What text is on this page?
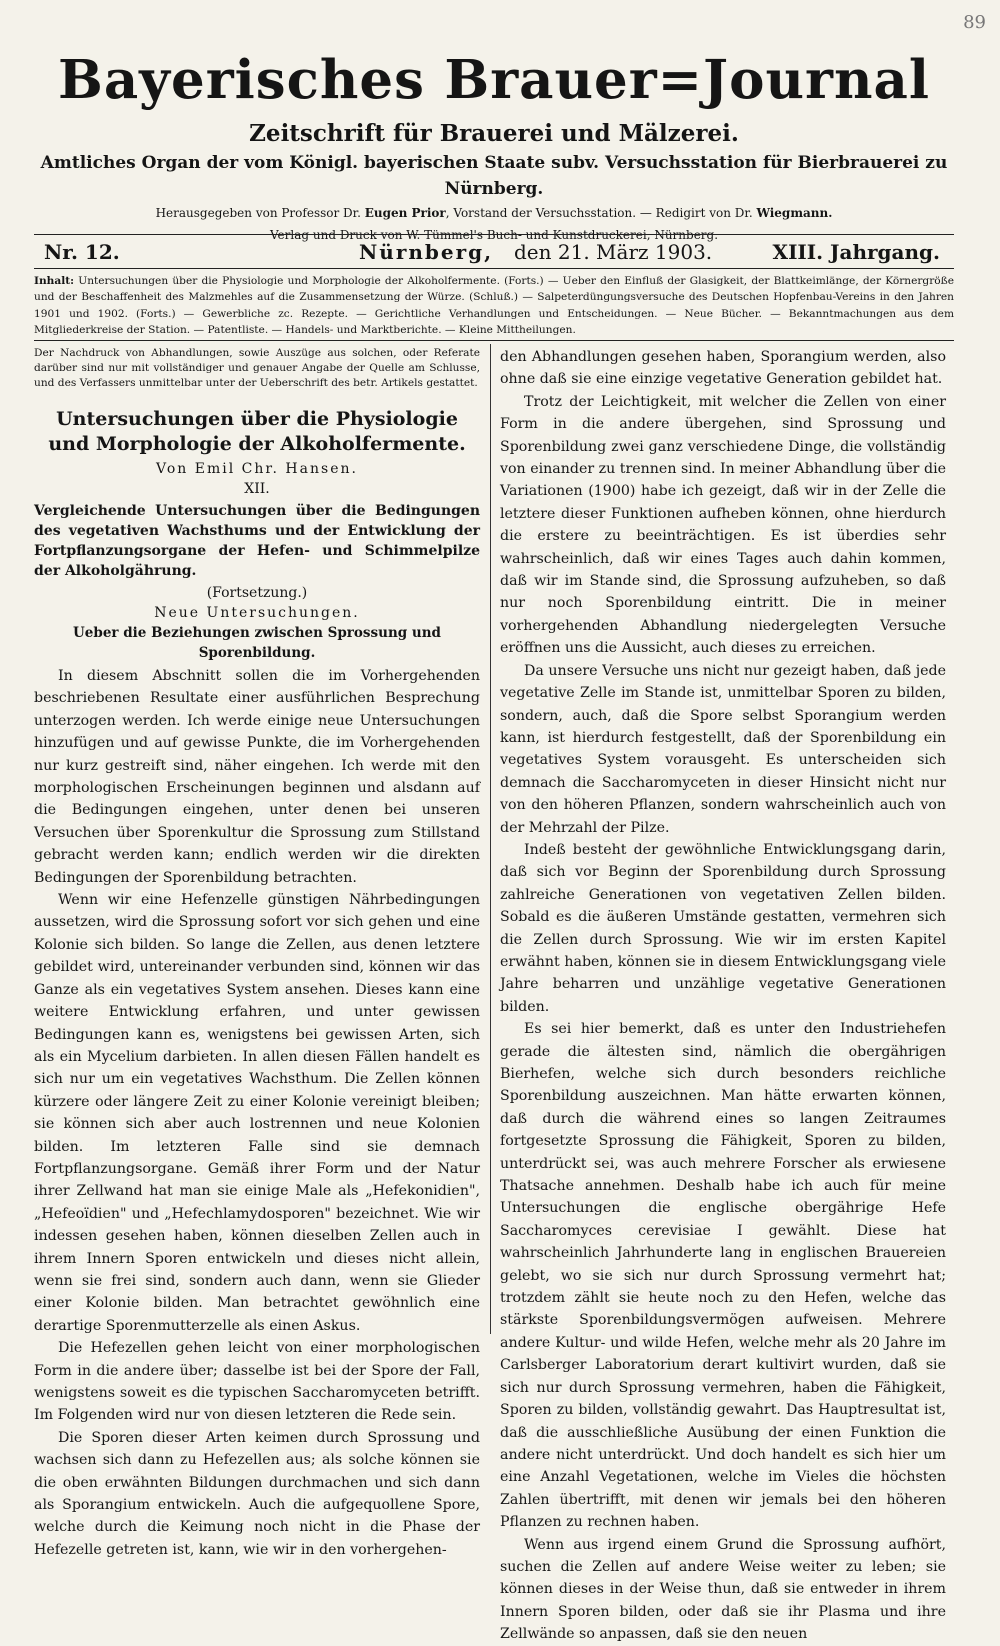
89
Bayerisches Brauer=Journal
Zeitschrift für Brauerei und Mälzerei.
Amtliches Organ der vom Königl. bayerischen Staate subv. Versuchsstation für Bierbrauerei zu Nürnberg.
Herausgegeben von Professor Dr. Eugen Prior, Vorstand der Versuchsstation. — Redigirt von Dr. Wiegmann.
Verlag und Druck von W. Tümmel's Buch- und Kunstdruckerei, Nürnberg.
Nr. 12.	Nürnberg, den 21. März 1903.	XIII. Jahrgang.
Inhalt: Untersuchungen über die Physiologie und Morphologie der Alkoholfermente. (Forts.) — Ueber den Einfluß der Glasigkeit, der Blattkeimlänge, der Körnergröße und der Beschaffenheit des Malzmehles auf die Zusammensetzung der Würze. (Schluß.) — Salpeterdüngungsversuche des Deutschen Hopfenbau-Vereins in den Jahren 1901 und 1902. (Forts.) — Gewerbliche zc. Rezepte. — Gerichtliche Verhandlungen und Entscheidungen. — Neue Bücher. — Bekanntmachungen aus dem Mitgliederkreise der Station. — Patentliste. — Handels- und Marktberichte. — Kleine Mittheilungen.
Der Nachdruck von Abhandlungen, sowie Auszüge aus solchen, oder Referate darüber sind nur mit vollständiger und genauer Angabe der Quelle am Schlusse, und des Verfassers unmittelbar unter der Ueberschrift des betr. Artikels gestattet.
Untersuchungen über die Physiologie und Morphologie der Alkoholfermente.
Von Emil Chr. Hansen.
XII.
Vergleichende Untersuchungen über die Bedingungen des vegetativen Wachsthums und der Entwicklung der Fortpflanzungsorgane der Hefen- und Schimmelpilze der Alkoholgährung.
(Fortsetzung.)
Neue Untersuchungen.
Ueber die Beziehungen zwischen Sprossung und Sporenbildung.

In diesem Abschnitt sollen die im Vorhergehenden beschriebenen Resultate einer ausführlichen Besprechung unterzogen werden. Ich werde einige neue Untersuchungen hinzufügen und auf gewisse Punkte, die im Vorhergehenden nur kurz gestreift sind, näher eingehen. Ich werde mit den morphologischen Erscheinungen beginnen und alsdann auf die Bedingungen eingehen, unter denen bei unseren Versuchen über Sporenkultur die Sprossung zum Stillstand gebracht werden kann; endlich werden wir die direkten Bedingungen der Sporenbildung betrachten.

Wenn wir eine Hefenzelle günstigen Nährbedingungen aussetzen, wird die Sprossung sofort vor sich gehen und eine Kolonie sich bilden. So lange die Zellen, aus denen letztere gebildet wird, untereinander verbunden sind, können wir das Ganze als ein vegetatives System ansehen. Dieses kann eine weitere Entwicklung erfahren, und unter gewissen Bedingungen kann es, wenigstens bei gewissen Arten, sich als ein Mycelium darbieten. In allen diesen Fällen handelt es sich nur um ein vegetatives Wachsthum. Die Zellen können kürzere oder längere Zeit zu einer Kolonie vereinigt bleiben; sie können sich aber auch lostrennen und neue Kolonien bilden. Im letzteren Falle sind sie demnach Fortpflanzungsorgane. Gemäß ihrer Form und der Natur ihrer Zellwand hat man sie einige Male als „Hefekonidien", „Hefeoïdien" und „Hefechlamydosporen" bezeichnet. Wie wir indessen gesehen haben, können dieselben Zellen auch in ihrem Innern Sporen entwickeln und dieses nicht allein, wenn sie frei sind, sondern auch dann, wenn sie Glieder einer Kolonie bilden. Man betrachtet gewöhnlich eine derartige Sporenmutterzelle als einen Askus.

Die Hefezellen gehen leicht von einer morphologischen Form in die andere über; dasselbe ist bei der Spore der Fall, wenigstens soweit es die typischen Saccharomyceten betrifft. Im Folgenden wird nur von diesen letzteren die Rede sein.

Die Sporen dieser Arten keimen durch Sprossung und wachsen sich dann zu Hefezellen aus; als solche können sie die oben erwähnten Bildungen durchmachen und sich dann als Sporangium entwickeln. Auch die aufgequollene Spore, welche durch die Keimung noch nicht in die Phase der Hefezelle getreten ist, kann, wie wir in den vorhergehen-

den Abhandlungen gesehen haben, Sporangium werden, also ohne daß sie eine einzige vegetative Generation gebildet hat.

Trotz der Leichtigkeit, mit welcher die Zellen von einer Form in die andere übergehen, sind Sprossung und Sporenbildung zwei ganz verschiedene Dinge, die vollständig von einander zu trennen sind. In meiner Abhandlung über die Variationen (1900) habe ich gezeigt, daß wir in der Zelle die letztere dieser Funktionen aufheben können, ohne hierdurch die erstere zu beeinträchtigen. Es ist überdies sehr wahrscheinlich, daß wir eines Tages auch dahin kommen, daß wir im Stande sind, die Sprossung aufzuheben, so daß nur noch Sporenbildung eintritt. Die in meiner vorhergehenden Abhandlung niedergelegten Versuche eröffnen uns die Aussicht, auch dieses zu erreichen.

Da unsere Versuche uns nicht nur gezeigt haben, daß jede vegetative Zelle im Stande ist, unmittelbar Sporen zu bilden, sondern, auch, daß die Spore selbst Sporangium werden kann, ist hierdurch festgestellt, daß der Sporenbildung ein vegetatives System vorausgeht. Es unterscheiden sich demnach die Saccharomyceten in dieser Hinsicht nicht nur von den höheren Pflanzen, sondern wahrscheinlich auch von der Mehrzahl der Pilze.

Indeß besteht der gewöhnliche Entwicklungsgang darin, daß sich vor Beginn der Sporenbildung durch Sprossung zahlreiche Generationen von vegetativen Zellen bilden. Sobald es die äußeren Umstände gestatten, vermehren sich die Zellen durch Sprossung. Wie wir im ersten Kapitel erwähnt haben, können sie in diesem Entwicklungsgang viele Jahre beharren und unzählige vegetative Generationen bilden.

Es sei hier bemerkt, daß es unter den Industriehefen gerade die ältesten sind, nämlich die obergährigen Bierhefen, welche sich durch besonders reichliche Sporenbildung auszeichnen. Man hätte erwarten können, daß durch die während eines so langen Zeitraumes fortgesetzte Sprossung die Fähigkeit, Sporen zu bilden, unterdrückt sei, was auch mehrere Forscher als erwiesene Thatsache annehmen. Deshalb habe ich auch für meine Untersuchungen die englische obergährige Hefe Saccharomyces cerevisiae I gewählt. Diese hat wahrscheinlich Jahrhunderte lang in englischen Brauereien gelebt, wo sie sich nur durch Sprossung vermehrt hat; trotzdem zählt sie heute noch zu den Hefen, welche das stärkste Sporenbildungsvermögen aufweisen. Mehrere andere Kultur- und wilde Hefen, welche mehr als 20 Jahre im Carlsberger Laboratorium derart kultivirt wurden, daß sie sich nur durch Sprossung vermehren, haben die Fähigkeit, Sporen zu bilden, vollständig gewahrt. Das Hauptresultat ist, daß die ausschließliche Ausübung der einen Funktion die andere nicht unterdrückt. Und doch handelt es sich hier um eine Anzahl Vegetationen, welche im Vieles die höchsten Zahlen übertrifft, mit denen wir jemals bei den höheren Pflanzen zu rechnen haben.

Wenn aus irgend einem Grund die Sprossung aufhört, suchen die Zellen auf andere Weise weiter zu leben; sie können dieses in der Weise thun, daß sie entweder in ihrem Innern Sporen bilden, oder daß sie ihr Plasma und ihre Zellwände so anpassen, daß sie den neuen
